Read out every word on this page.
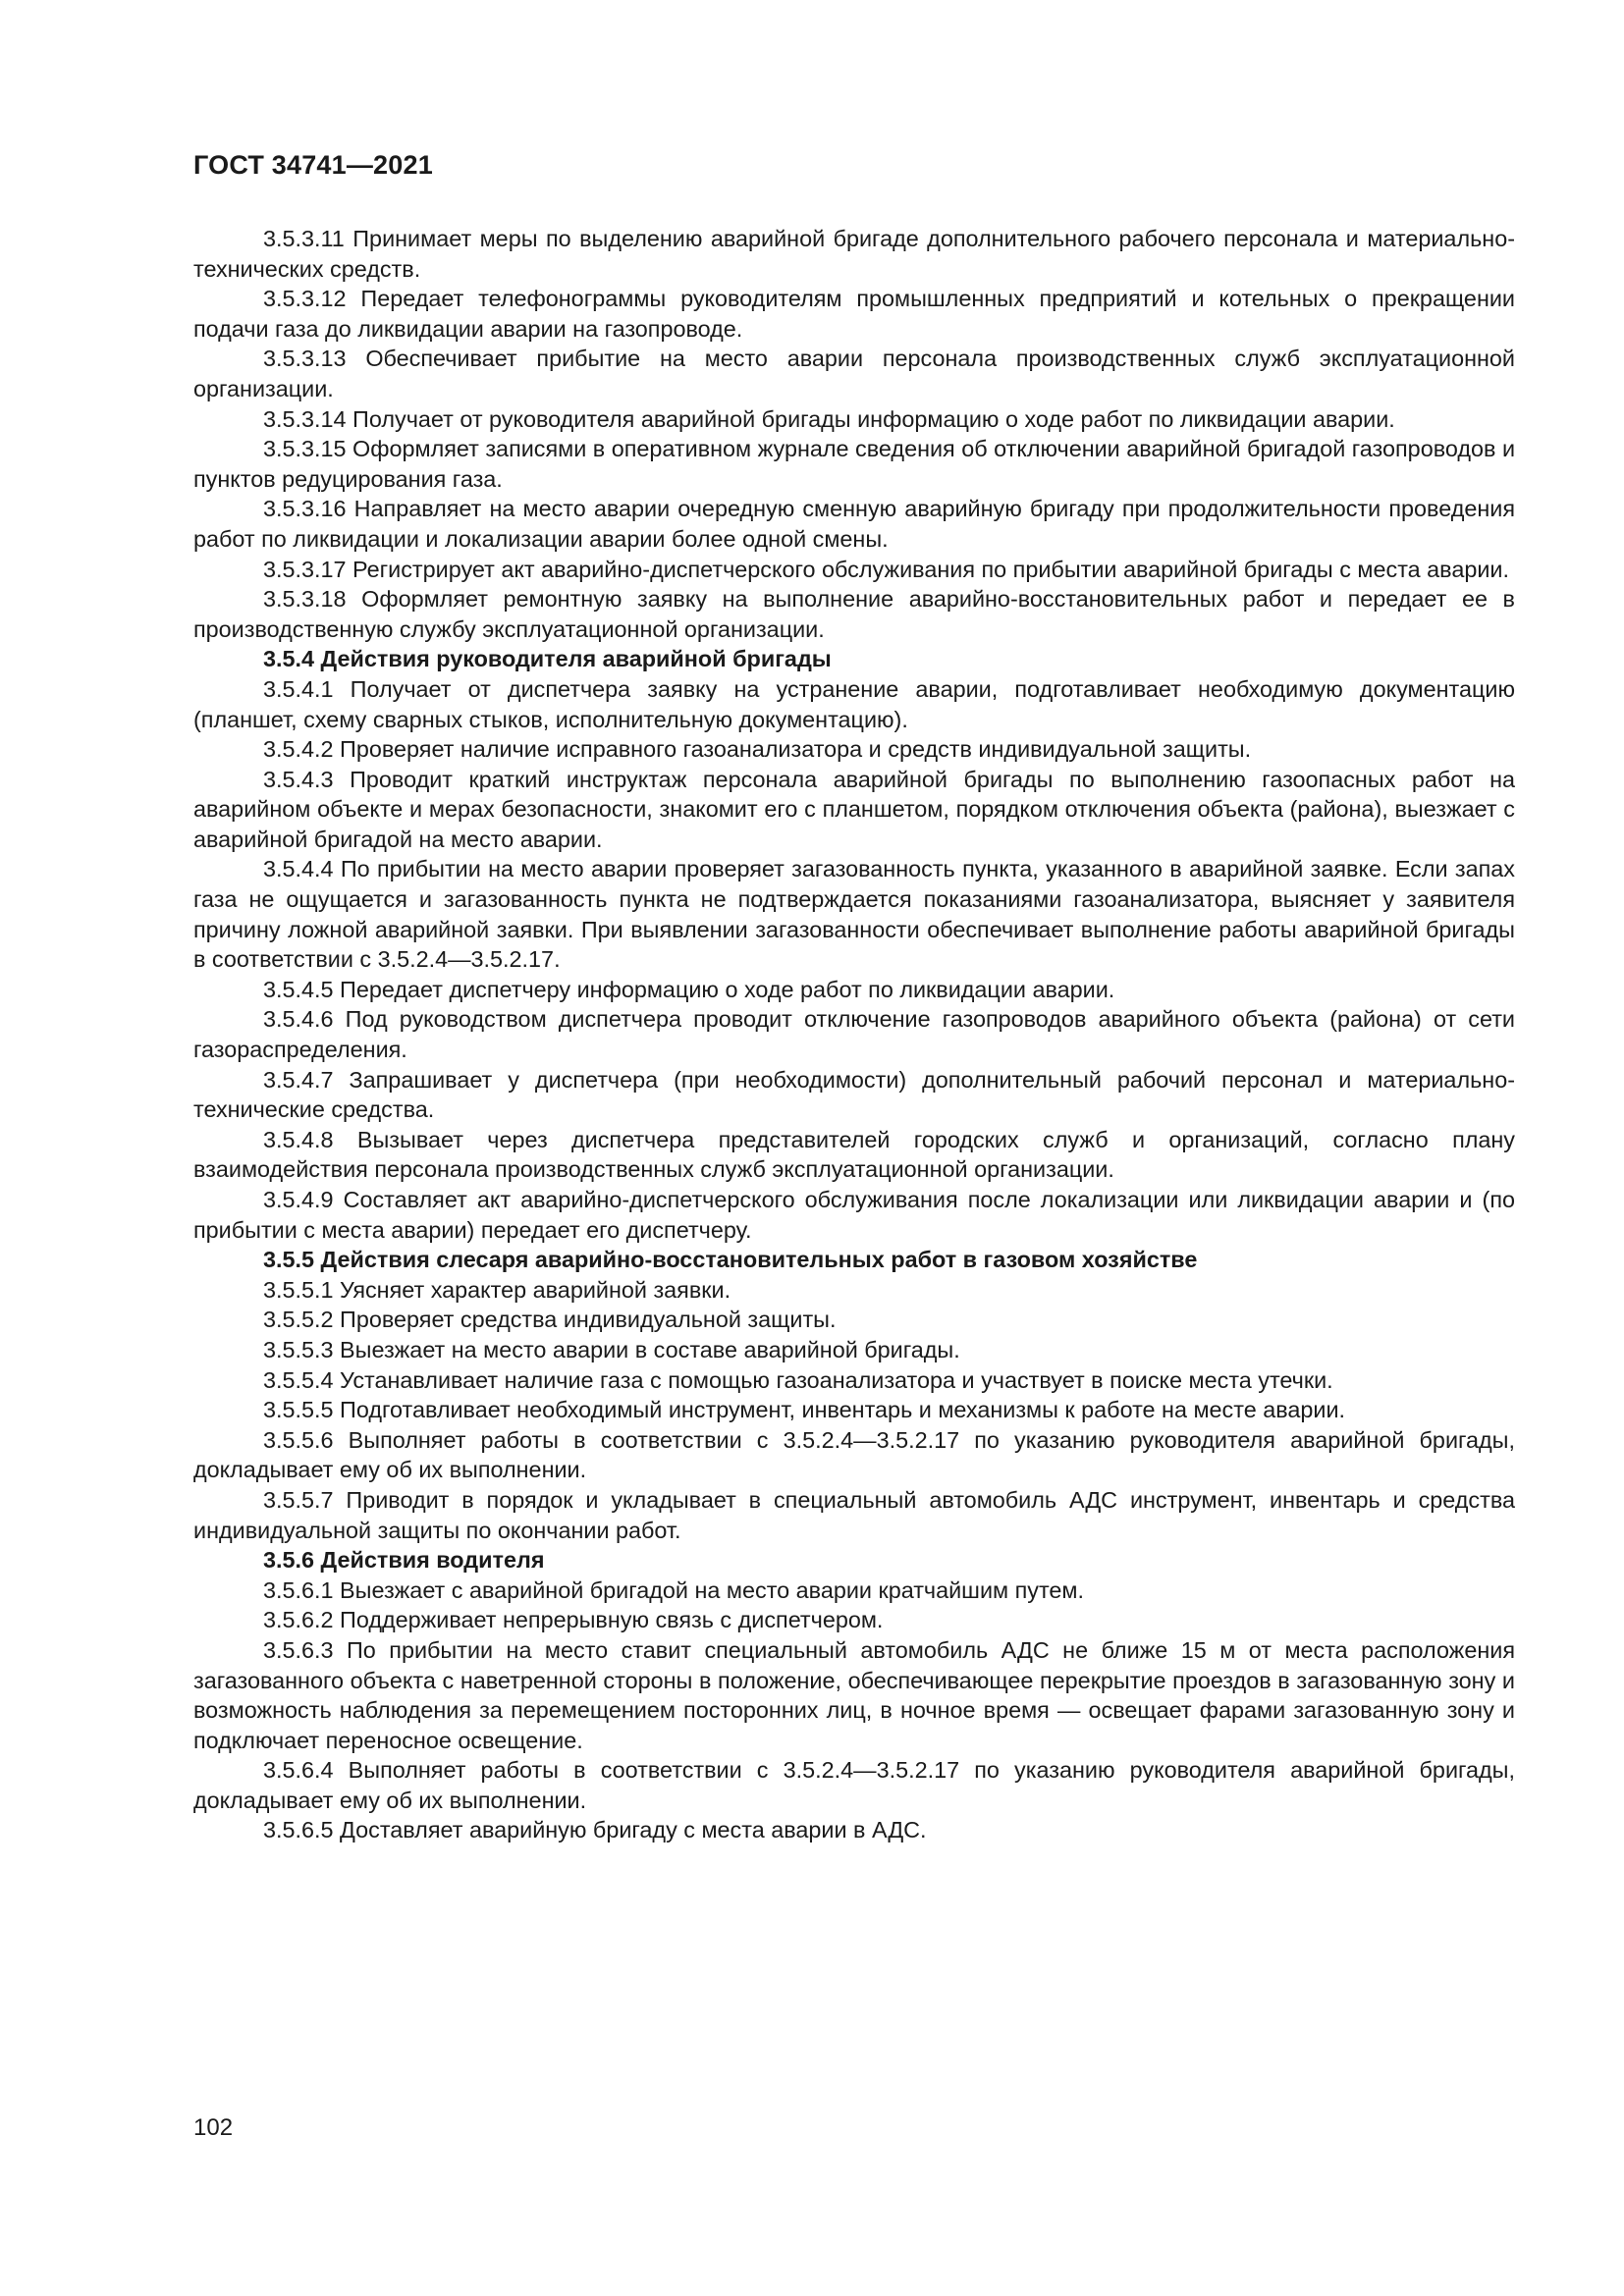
ГОСТ 34741—2021

3.5.3.11 Принимает меры по выделению аварийной бригаде дополнительного рабочего персонала и материально-технических средств.

3.5.3.12 Передает телефонограммы руководителям промышленных предприятий и котельных о прекращении подачи газа до ликвидации аварии на газопроводе.

3.5.3.13 Обеспечивает прибытие на место аварии персонала производственных служб эксплуатационной организации.

3.5.3.14 Получает от руководителя аварийной бригады информацию о ходе работ по ликвидации аварии.

3.5.3.15 Оформляет записями в оперативном журнале сведения об отключении аварийной бригадой газопроводов и пунктов редуцирования газа.

3.5.3.16 Направляет на место аварии очередную сменную аварийную бригаду при продолжительности проведения работ по ликвидации и локализации аварии более одной смены.

3.5.3.17 Регистрирует акт аварийно-диспетчерского обслуживания по прибытии аварийной бригады с места аварии.

3.5.3.18 Оформляет ремонтную заявку на выполнение аварийно-восстановительных работ и передает ее в производственную службу эксплуатационной организации.

3.5.4 Действия руководителя аварийной бригады

3.5.4.1 Получает от диспетчера заявку на устранение аварии, подготавливает необходимую документацию (планшет, схему сварных стыков, исполнительную документацию).

3.5.4.2 Проверяет наличие исправного газоанализатора и средств индивидуальной защиты.

3.5.4.3 Проводит краткий инструктаж персонала аварийной бригады по выполнению газоопасных работ на аварийном объекте и мерах безопасности, знакомит его с планшетом, порядком отключения объекта (района), выезжает с аварийной бригадой на место аварии.

3.5.4.4 По прибытии на место аварии проверяет загазованность пункта, указанного в аварийной заявке. Если запах газа не ощущается и загазованность пункта не подтверждается показаниями газоанализатора, выясняет у заявителя причину ложной аварийной заявки. При выявлении загазованности обеспечивает выполнение работы аварийной бригады в соответствии с 3.5.2.4—3.5.2.17.

3.5.4.5 Передает диспетчеру информацию о ходе работ по ликвидации аварии.

3.5.4.6 Под руководством диспетчера проводит отключение газопроводов аварийного объекта (района) от сети газораспределения.

3.5.4.7 Запрашивает у диспетчера (при необходимости) дополнительный рабочий персонал и материально-технические средства.

3.5.4.8 Вызывает через диспетчера представителей городских служб и организаций, согласно плану взаимодействия персонала производственных служб эксплуатационной организации.

3.5.4.9 Составляет акт аварийно-диспетчерского обслуживания после локализации или ликвидации аварии и (по прибытии с места аварии) передает его диспетчеру.

3.5.5 Действия слесаря аварийно-восстановительных работ в газовом хозяйстве

3.5.5.1 Уясняет характер аварийной заявки.

3.5.5.2 Проверяет средства индивидуальной защиты.

3.5.5.3 Выезжает на место аварии в составе аварийной бригады.

3.5.5.4 Устанавливает наличие газа с помощью газоанализатора и участвует в поиске места утечки.

3.5.5.5 Подготавливает необходимый инструмент, инвентарь и механизмы к работе на месте аварии.

3.5.5.6 Выполняет работы в соответствии с 3.5.2.4—3.5.2.17 по указанию руководителя аварийной бригады, докладывает ему об их выполнении.

3.5.5.7 Приводит в порядок и укладывает в специальный автомобиль АДС инструмент, инвентарь и средства индивидуальной защиты по окончании работ.

3.5.6 Действия водителя

3.5.6.1 Выезжает с аварийной бригадой на место аварии кратчайшим путем.

3.5.6.2 Поддерживает непрерывную связь с диспетчером.

3.5.6.3 По прибытии на место ставит специальный автомобиль АДС не ближе 15 м от места расположения загазованного объекта с наветренной стороны в положение, обеспечивающее перекрытие проездов в загазованную зону и возможность наблюдения за перемещением посторонних лиц, в ночное время — освещает фарами загазованную зону и подключает переносное освещение.

3.5.6.4 Выполняет работы в соответствии с 3.5.2.4—3.5.2.17 по указанию руководителя аварийной бригады, докладывает ему об их выполнении.

3.5.6.5 Доставляет аварийную бригаду с места аварии в АДС.

102
